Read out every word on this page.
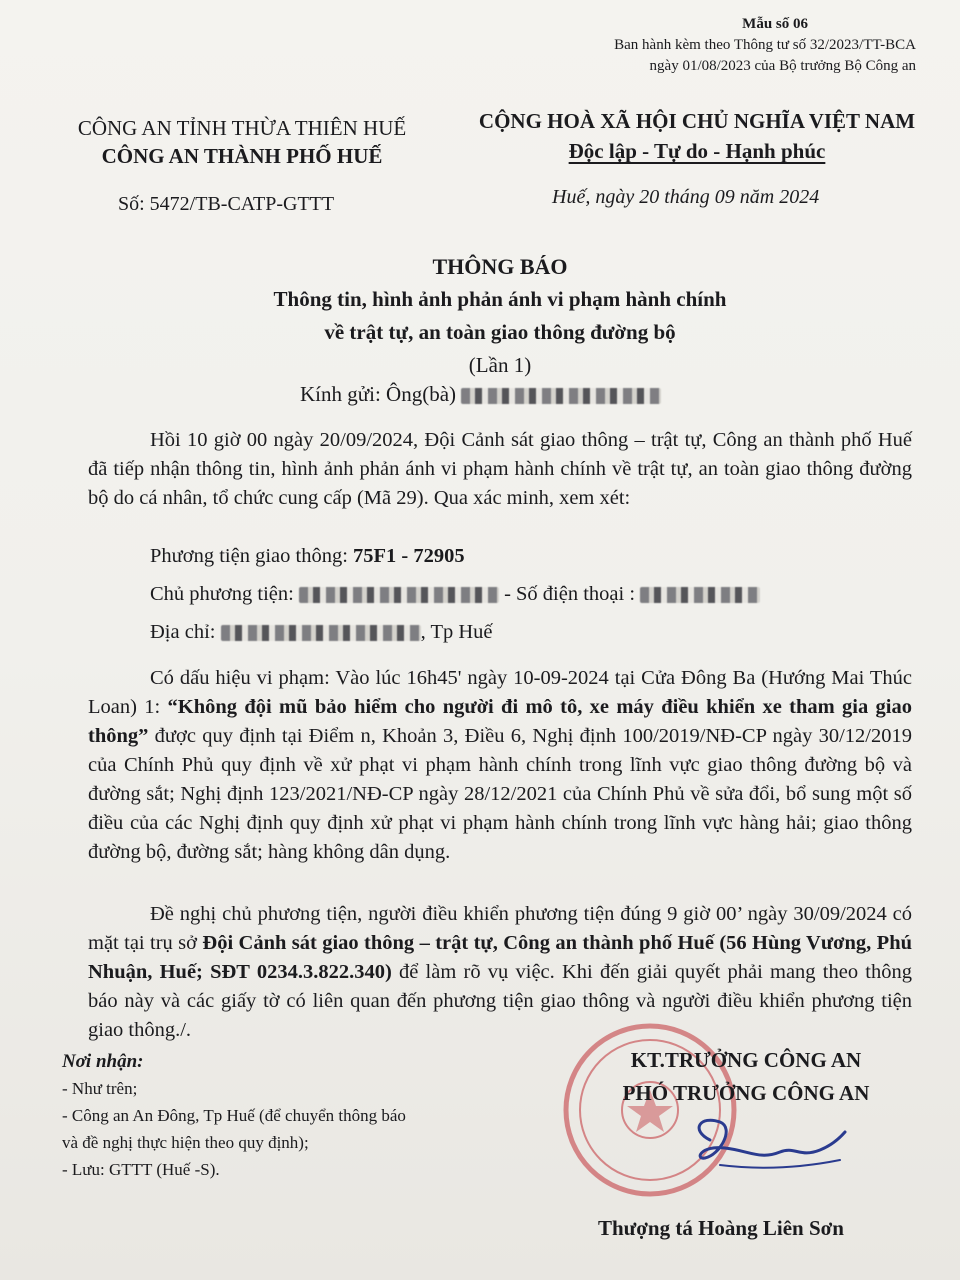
Mẫu số 06
Ban hành kèm theo Thông tư số 32/2023/TT-BCA
ngày 01/08/2023 của Bộ trưởng Bộ Công an
CÔNG AN TỈNH THỪA THIÊN HUẾ
CÔNG AN THÀNH PHỐ HUẾ
CỘNG HOÀ XÃ HỘI CHỦ NGHĨA VIỆT NAM
Độc lập - Tự do - Hạnh phúc
Số: 5472/TB-CATP-GTTT	Huế, ngày 20 tháng 09 năm 2024
THÔNG BÁO
Thông tin, hình ảnh phản ánh vi phạm hành chính
về trật tự, an toàn giao thông đường bộ
(Lần 1)
Kính gửi: Ông(bà)
Hồi 10 giờ 00 ngày 20/09/2024, Đội Cảnh sát giao thông – trật tự, Công an thành phố Huế đã tiếp nhận thông tin, hình ảnh phản ánh vi phạm hành chính về trật tự, an toàn giao thông đường bộ do cá nhân, tổ chức cung cấp (Mã 29). Qua xác minh, xem xét:
Phương tiện giao thông: 75F1 - 72905
Chủ phương tiện:	- Số điện thoại :
Địa chỉ:	, Tp Huế
Có dấu hiệu vi phạm: Vào lúc 16h45' ngày 10-09-2024 tại Cửa Đông Ba (Hướng Mai Thúc Loan) 1: “Không đội mũ bảo hiểm cho người đi mô tô, xe máy điều khiển xe tham gia giao thông” được quy định tại Điểm n, Khoản 3, Điều 6, Nghị định 100/2019/NĐ-CP ngày 30/12/2019 của Chính Phủ quy định về xử phạt vi phạm hành chính trong lĩnh vực giao thông đường bộ và đường sắt; Nghị định 123/2021/NĐ-CP ngày 28/12/2021 của Chính Phủ về sửa đổi, bổ sung một số điều của các Nghị định quy định xử phạt vi phạm hành chính trong lĩnh vực hàng hải; giao thông đường bộ, đường sắt; hàng không dân dụng.
Đề nghị chủ phương tiện, người điều khiển phương tiện đúng 9 giờ 00’ ngày 30/09/2024 có mặt tại trụ sở Đội Cảnh sát giao thông – trật tự, Công an thành phố Huế (56 Hùng Vương, Phú Nhuận, Huế; SĐT 0234.3.822.340) để làm rõ vụ việc. Khi đến giải quyết phải mang theo thông báo này và các giấy tờ có liên quan đến phương tiện giao thông và người điều khiển phương tiện giao thông./.
Nơi nhận:
- Như trên;
- Công an An Đông, Tp Huế (để chuyển thông báo
và đề nghị thực hiện theo quy định);
- Lưu: GTTT (Huế -S).
KT.TRƯỞNG CÔNG AN
PHÓ TRƯỞNG CÔNG AN
Thượng tá Hoàng Liên Sơn
